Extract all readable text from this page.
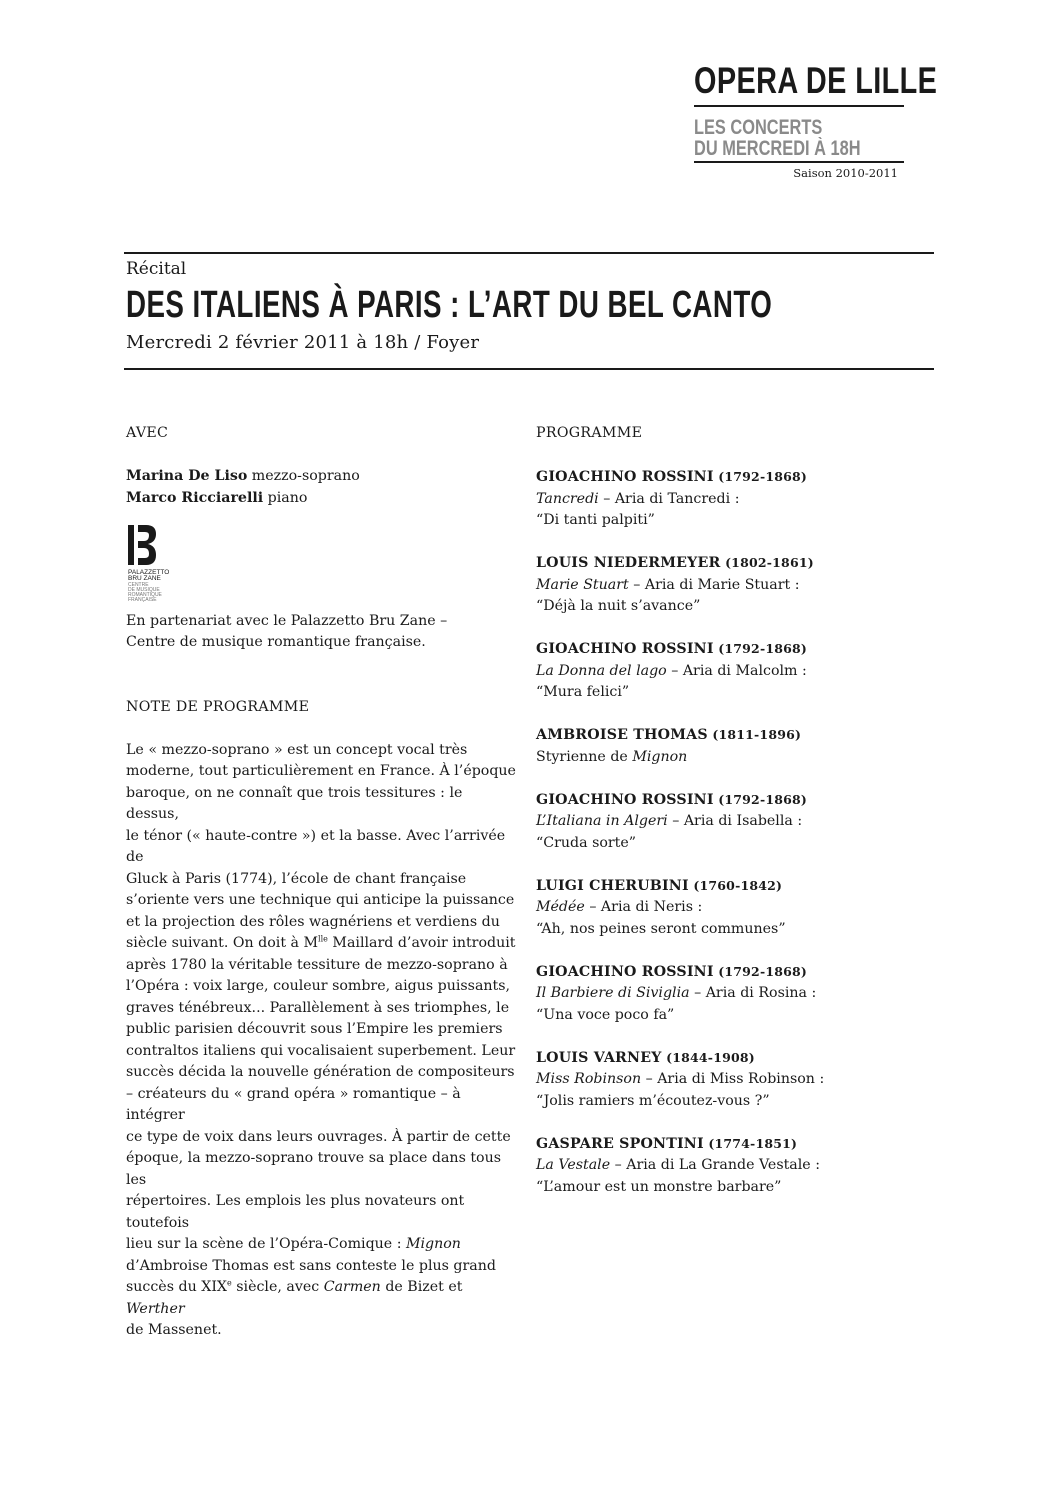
OPERA DE LILLE
LES CONCERTS
DU MERCREDI À 18H
Saison 2010-2011
Récital
DES ITALIENS À PARIS : L’ART DU BEL CANTO
Mercredi 2 février 2011 à 18h / Foyer

AVEC

Marina De Liso mezzo-soprano
Marco Ricciarelli piano
PALAZZETTO
BRU ZANE
CENTRE
DE MUSIQUE
ROMANTIQUE
FRANÇAISE

En partenariat avec le Palazzetto Bru Zane –

Centre de musique romantique française.

NOTE DE PROGRAMME

Le « mezzo-soprano » est un concept vocal très
moderne, tout particulièrement en France. À l’époque
baroque, on ne connaît que trois tessitures : le dessus,
le ténor (« haute-contre ») et la basse. Avec l’arrivée de
Gluck à Paris (1774), l’école de chant française
s’oriente vers une technique qui anticipe la puissance
et la projection des rôles wagnériens et verdiens du
siècle suivant. On doit à $M^{lle}$ Maillard d’avoir introduit
après 1780 la véritable tessiture de mezzo-soprano à
l’Opéra : voix large, couleur sombre, aigus puissants,
graves ténébreux... Parallèlement à ses triomphes, le
public parisien découvrit sous l’Empire les premiers
contraltos italiens qui vocalisaient superbement. Leur
succès décida la nouvelle génération de compositeurs
– créateurs du « grand opéra » romantique – à intégrer
ce type de voix dans leurs ouvrages. À partir de cette
époque, la mezzo-soprano trouve sa place dans tous les
répertoires. Les emplois les plus novateurs ont toutefois
lieu sur la scène de l’Opéra-Comique : Mignon
d’Ambroise Thomas est sans conteste le plus grand
succès du XIXe siècle, avec Carmen de Bizet et Werther
de Massenet.

PROGRAMME

GIOACHINO ROSSINI (1792-1868)
Tancredi – Aria di Tancredi :
“Di tanti palpiti”
LOUIS NIEDERMEYER (1802-1861)
Marie Stuart – Aria di Marie Stuart :
“Déjà la nuit s’avance”
GIOACHINO ROSSINI (1792-1868)
La Donna del lago – Aria di Malcolm :
“Mura felici”
AMBROISE THOMAS (1811-1896)
Styrienne de Mignon
GIOACHINO ROSSINI (1792-1868)
L’Italiana in Algeri – Aria di Isabella :
“Cruda sorte”
LUIGI CHERUBINI (1760-1842)
Médée – Aria di Neris :
“Ah, nos peines seront communes”
GIOACHINO ROSSINI (1792-1868)
Il Barbiere di Siviglia – Aria di Rosina :
“Una voce poco fa”
LOUIS VARNEY (1844-1908)
Miss Robinson – Aria di Miss Robinson :
“Jolis ramiers m’écoutez-vous ?”
GASPARE SPONTINI (1774-1851)
La Vestale – Aria di La Grande Vestale :
“L’amour est un monstre barbare”
